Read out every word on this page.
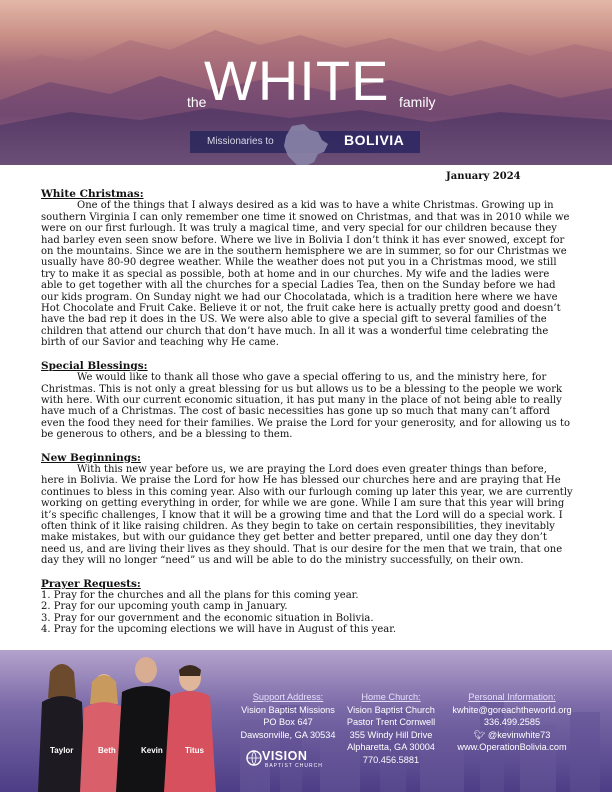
the
WHITE family
Missionaries to	BOLIVIA
January 2024

White Christmas:

One of the things that I always desired as a kid was to have a white Christmas. Growing up in southern Virginia I can only remember one time it snowed on Christmas, and that was in 2010 while we were on our first furlough. It was truly a magical time, and very special for our children because they had barley even seen snow before. Where we live in Bolivia I don’t think it has ever snowed, except for on the mountains. Since we are in the southern hemisphere we are in summer, so for our Christmas we usually have 80-90 degree weather. While the weather does not put you in a Christmas mood, we still try to make it as special as possible, both at home and in our churches. My wife and the ladies were able to get together with all the churches for a special Ladies Tea, then on the Sunday before we had our kids program. On Sunday night we had our Chocolatada, which is a tradition here where we have Hot Chocolate and Fruit Cake. Believe it or not, the fruit cake here is actually pretty good and doesn’t have the bad rep it does in the US. We were also able to give a special gift to several families of the children that attend our church that don’t have much. In all it was a wonderful time celebrating the birth of our Savior and teaching why He came.

Special Blessings:

We would like to thank all those who gave a special offering to us, and the ministry here, for Christmas. This is not only a great blessing for us but allows us to be a blessing to the people we work with here. With our current economic situation, it has put many in the place of not being able to really have much of a Christmas. The cost of basic necessities has gone up so much that many can’t afford even the food they need for their families. We praise the Lord for your generosity, and for allowing us to be generous to others, and be a blessing to them.

New Beginnings:

With this new year before us, we are praying the Lord does even greater things than before, here in Bolivia. We praise the Lord for how He has blessed our churches here and are praying that He continues to bless in this coming year. Also with our furlough coming up later this year, we are currently working on getting everything in order, for while we are gone. While I am sure that this year will bring it’s specific challenges, I know that it will be a growing time and that the Lord will do a special work. I often think of it like raising children. As they begin to take on certain responsibilities, they inevitably make mistakes, but with our guidance they get better and better prepared, until one day they don’t need us, and are living their lives as they should. That is our desire for the men that we train, that one day they will no longer “need” us and will be able to do the ministry successfully, on their own.

Prayer Requests:

1. Pray for the churches and all the plans for this coming year.
2. Pray for our upcoming youth camp in January.
3. Pray for our government and the economic situation in Bolivia.
4. Pray for the upcoming elections we will have in August of this year.
Taylor	Beth	Kevin	Titus
Support Address:
Vision Baptist Missions
PO Box 647
Dawsonville, GA 30534
Home Church:
Vision Baptist Church
Pastor Trent Cornwell
355 Windy Hill Drive
Alpharetta, GA 30004
770.456.5881
Personal Information:
kwhite@goreachtheworld.org
336.499.2585
🐦︎ @kevinwhite73
www.OperationBolivia.com
VISION
BAPTIST CHURCH
